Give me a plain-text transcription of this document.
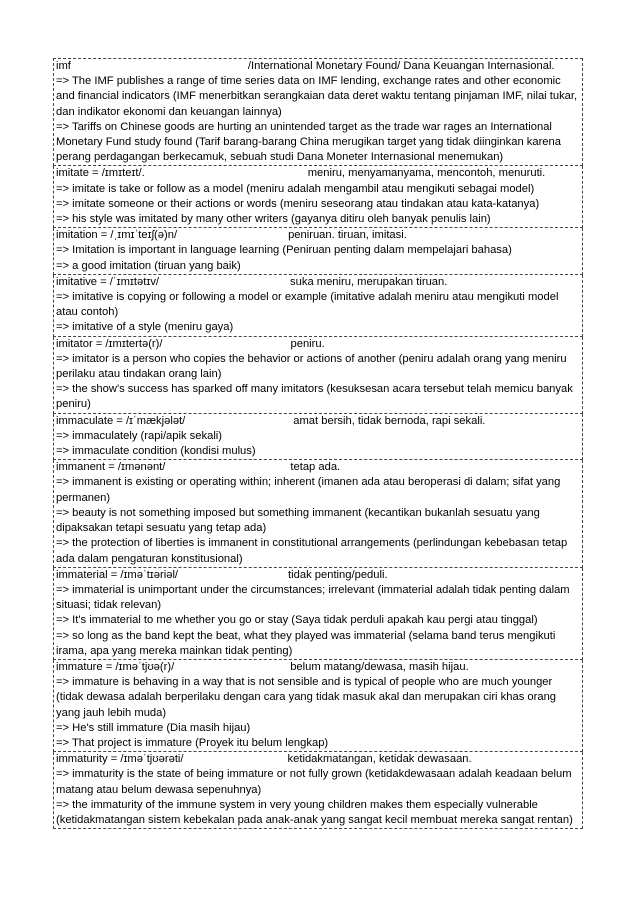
imf	/International Monetary Found/ Dana Keuangan Internasional.
=> The IMF publishes a range of time series data on IMF lending, exchange rates and other economic and financial indicators (IMF menerbitkan serangkaian data deret waktu tentang pinjaman IMF, nilai tukar, dan indikator ekonomi dan keuangan lainnya)
=> Tariffs on Chinese goods are hurting an unintended target as the trade war rages an International Monetary Fund study found (Tarif barang-barang China merugikan target yang tidak diinginkan karena perang perdagangan berkecamuk, sebuah studi Dana Moneter Internasional menemukan)
imitate = /ɪmɪteɪt/.	meniru, menyamanyama, mencontoh, menuruti.
=> imitate is take or follow as a model (meniru adalah mengambil atau mengikuti sebagai model)
=> imitate someone or their actions or words (meniru seseorang atau tindakan atau kata-katanya)
=> his style was imitated by many other writers (gayanya ditiru oleh banyak penulis lain)
imitation = /ˌɪmɪˈteɪʃ(ə)n/	peniruan. tiruan, imitasi.
=> Imitation is important in language learning (Peniruan penting dalam mempelajari bahasa)
=> a good imitation (tiruan yang baik)
imitative = /ˈɪmɪtətɪv/	suka meniru, merupakan tiruan.
=> imitative is copying or following a model or example (imitative adalah meniru atau mengikuti model atau contoh)
=> imitative of a style (meniru gaya)
imitator = /ɪmɪtertə(r)/	peniru.
=> imitator is a person who copies the behavior or actions of another (peniru adalah orang yang meniru perilaku atau tindakan orang lain)
=> the show's success has sparked off many imitators (kesuksesan acara tersebut telah memicu banyak peniru)
immaculate = /ɪˈmækjələt/	amat bersih, tidak bernoda, rapi sekali.
=> immaculately (rapi/apik sekali)
=> immaculate condition (kondisi mulus)
immanent = /ɪmənənt/	tetap ada.
=> immanent is existing or operating within; inherent (imanen ada atau beroperasi di dalam; sifat yang permanen)
=> beauty is not something imposed but something immanent (kecantikan bukanlah sesuatu yang dipaksakan tetapi sesuatu yang tetap ada)
=> the protection of liberties is immanent in constitutional arrangements (perlindungan kebebasan tetap ada dalam pengaturan konstitusional)
immaterial = /ɪməˈtɪəriəl/	tidak penting/peduli.
=> immaterial is unimportant under the circumstances; irrelevant (immaterial adalah tidak penting dalam situasi; tidak relevan)
=> It's immaterial to me whether you go or stay (Saya tidak perduli apakah kau pergi atau tinggal)
=> so long as the band kept the beat, what they played was immaterial (selama band terus mengikuti irama, apa yang mereka mainkan tidak penting)
immature = /ɪməˈtjʊə(r)/	belum matang/dewasa, masih hijau.
=> immature is behaving in a way that is not sensible and is typical of people who are much younger (tidak dewasa adalah berperilaku dengan cara yang tidak masuk akal dan merupakan ciri khas orang yang jauh lebih muda)
=> He's still immature (Dia masih hijau)
=> That project is immature (Proyek itu belum lengkap)
immaturity = /ɪməˈtjʊərəti/	ketidakmatangan, ketidak dewasaan.
=> immaturity is the state of being immature or not fully grown (ketidakdewasaan adalah keadaan belum matang atau belum dewasa sepenuhnya)
=> the immaturity of the immune system in very young children makes them especially vulnerable (ketidakmatangan sistem kebekalan pada anak-anak yang sangat kecil membuat mereka sangat rentan)
